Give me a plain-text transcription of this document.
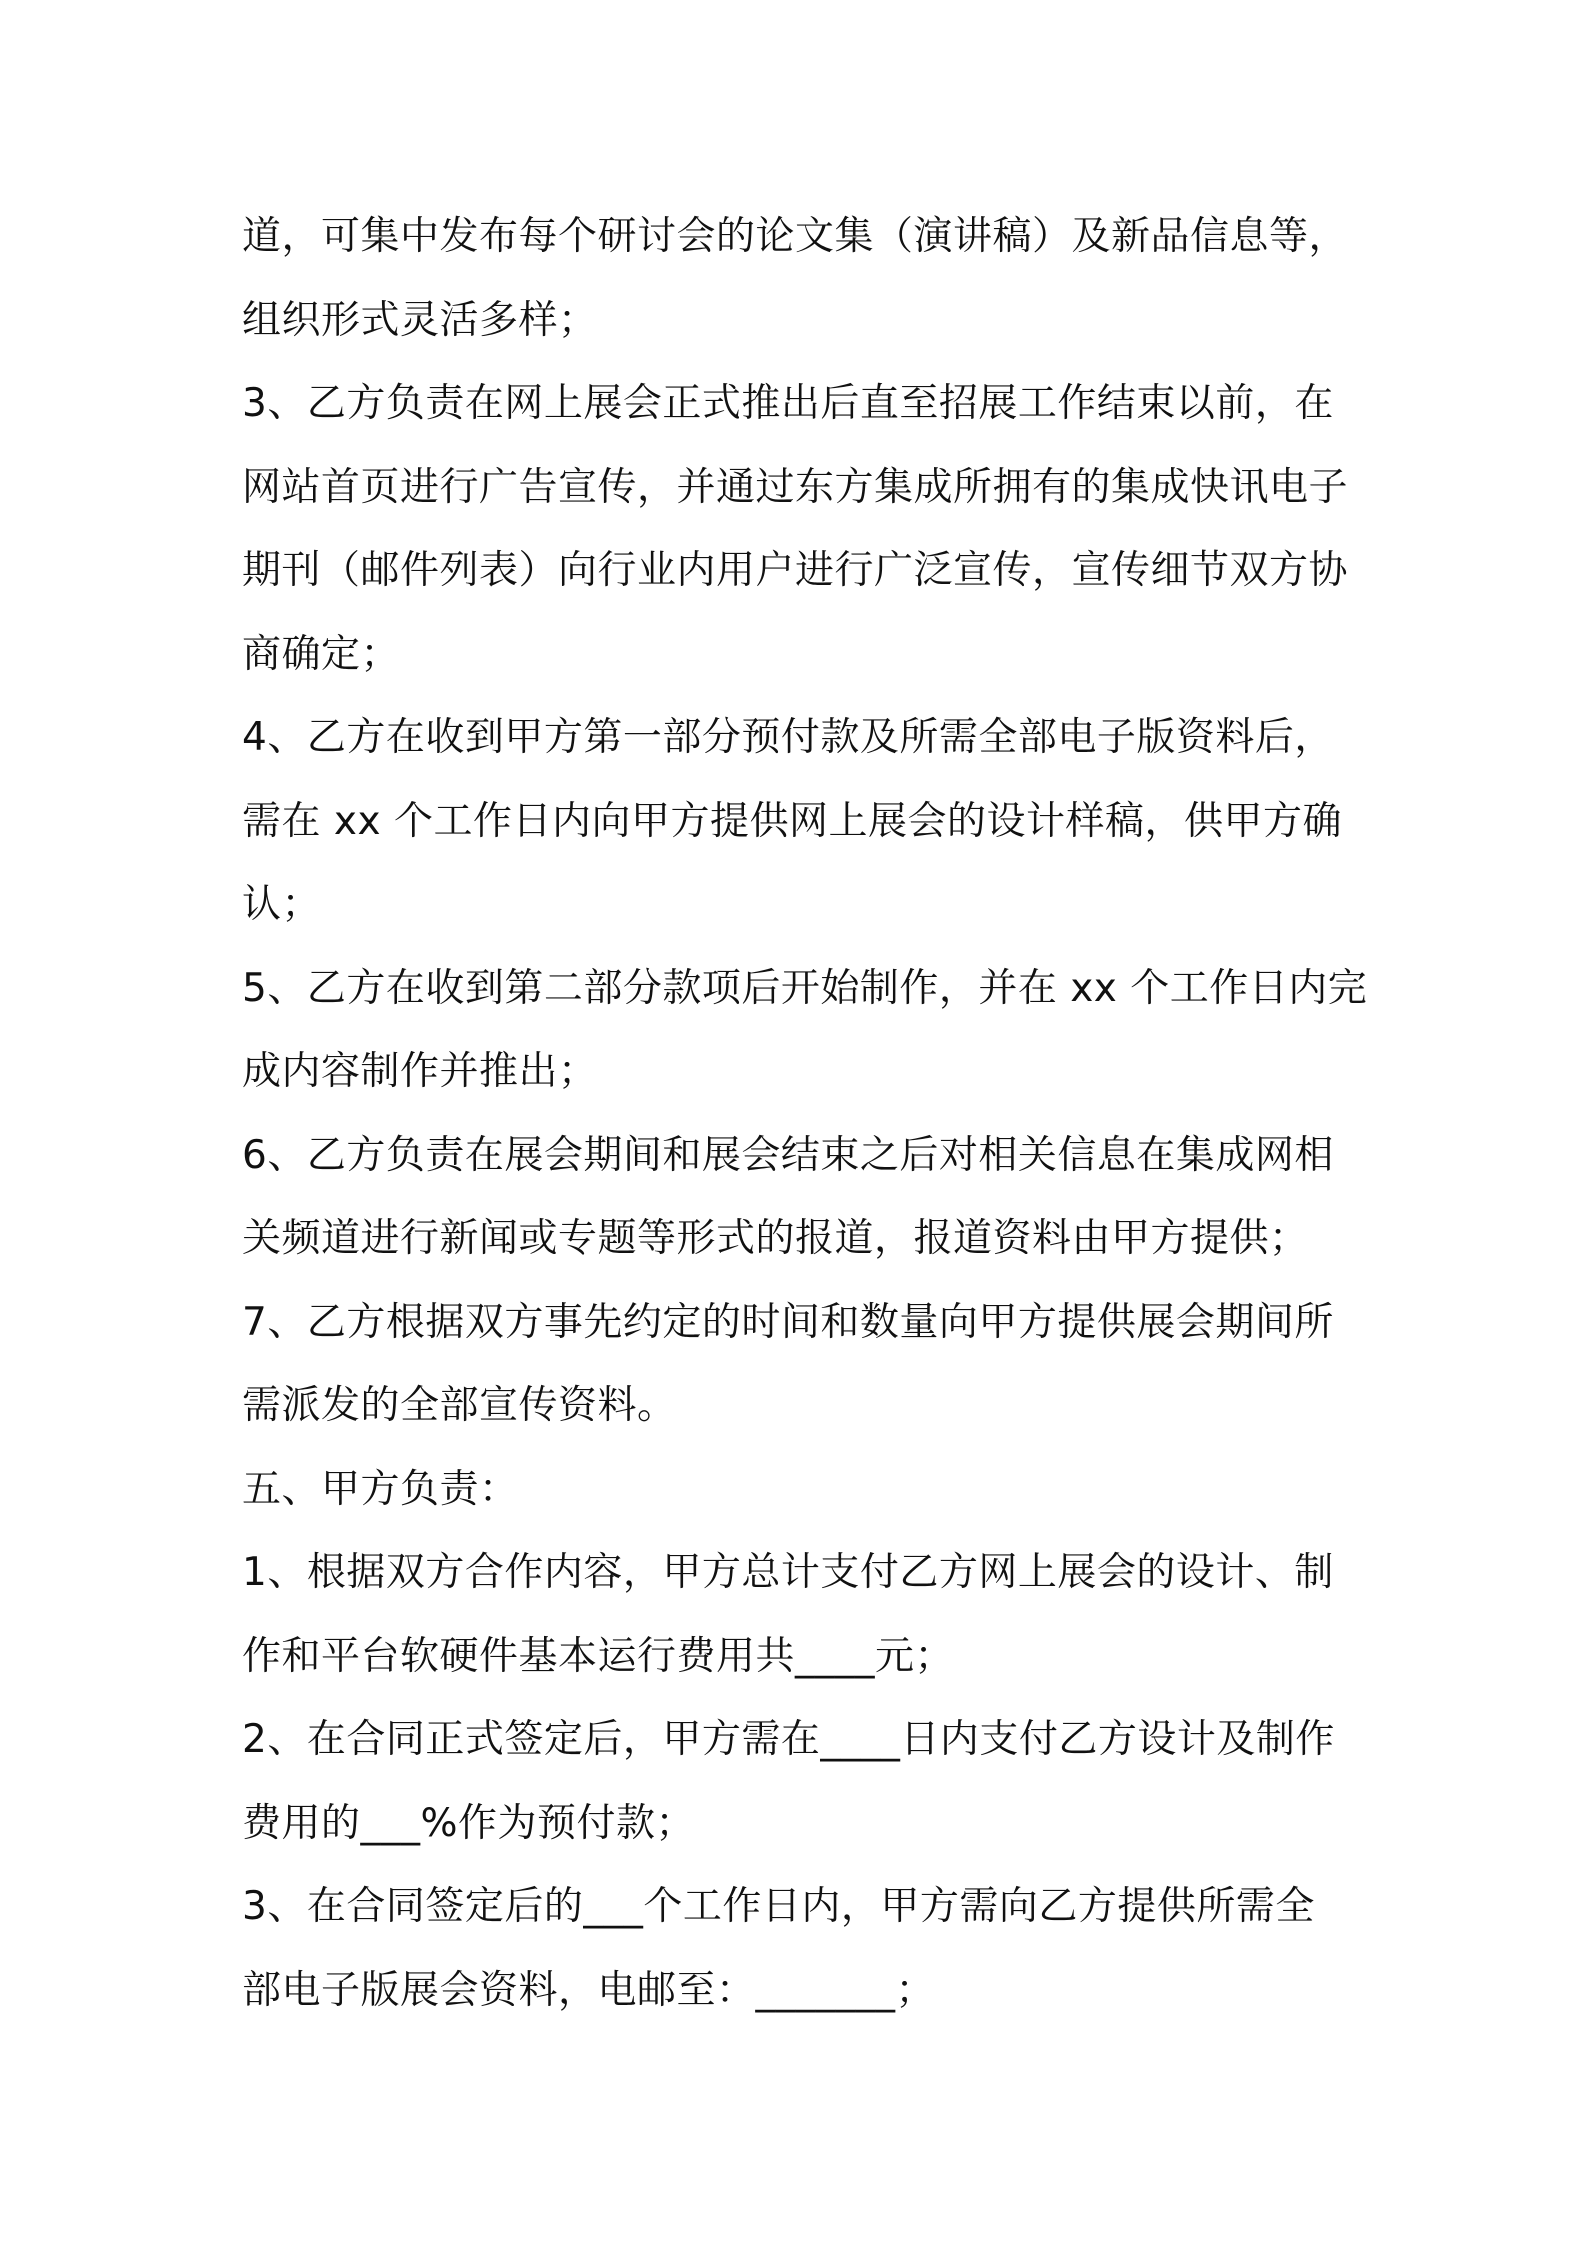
道，可集中发布每个研讨会的论文集（演讲稿）及新品信息等，
组织形式灵活多样；
3、乙方负责在网上展会正式推出后直至招展工作结束以前，在
网站首页进行广告宣传，并通过东方集成所拥有的集成快讯电子
期刊（邮件列表）向行业内用户进行广泛宣传，宣传细节双方协
商确定；
4、乙方在收到甲方第一部分预付款及所需全部电子版资料后，
需在 xx 个工作日内向甲方提供网上展会的设计样稿，供甲方确
认；
5、乙方在收到第二部分款项后开始制作，并在 xx 个工作日内完
成内容制作并推出；
6、乙方负责在展会期间和展会结束之后对相关信息在集成网相
关频道进行新闻或专题等形式的报道，报道资料由甲方提供；
7、乙方根据双方事先约定的时间和数量向甲方提供展会期间所
需派发的全部宣传资料。
五、甲方负责：
1、根据双方合作内容，甲方总计支付乙方网上展会的设计、制
作和平台软硬件基本运行费用共____元；
2、在合同正式签定后，甲方需在____日内支付乙方设计及制作
费用的___%作为预付款；
3、在合同签定后的___个工作日内，甲方需向乙方提供所需全
部电子版展会资料，电邮至：_______；
